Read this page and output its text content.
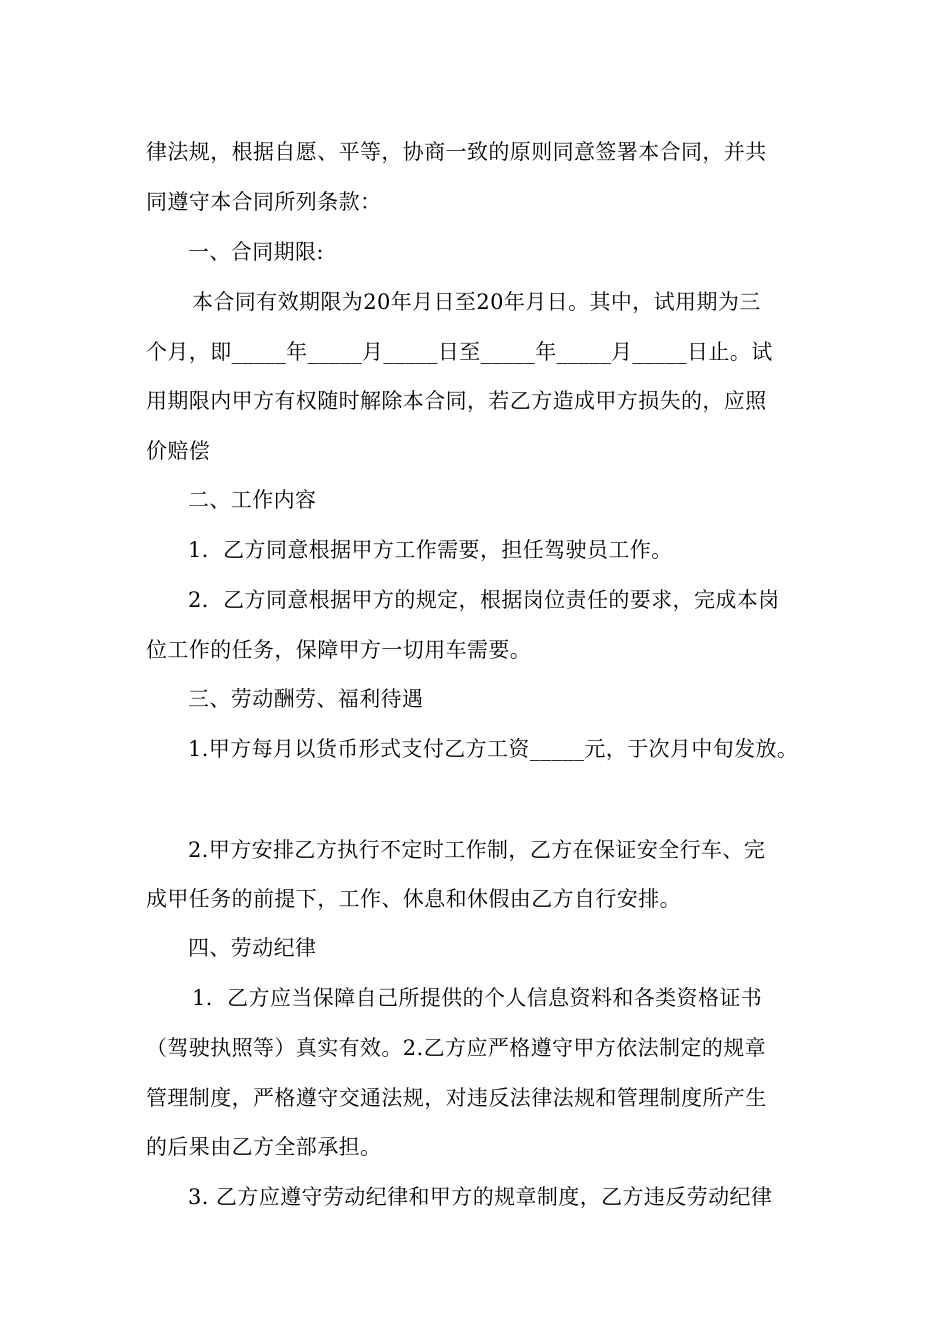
律法规，根据自愿、平等，协商一致的原则同意签署本合同，并共
同遵守本合同所列条款：
一、合同期限:
本合同有效期限为20年月日至20年月日。其中，试用期为三
个月，即_____年_____月_____日至_____年_____月_____日止。试
用期限内甲方有权随时解除本合同，若乙方造成甲方损失的，应照
价赔偿
二、工作内容
1．乙方同意根据甲方工作需要，担任驾驶员工作。
2．乙方同意根据甲方的规定，根据岗位责任的要求，完成本岗
位工作的任务，保障甲方一切用车需要。
三、劳动酬劳、福利待遇
1.甲方每月以货币形式支付乙方工资_____元，于次月中旬发放。
2.甲方安排乙方执行不定时工作制，乙方在保证安全行车、完
成甲任务的前提下，工作、休息和休假由乙方自行安排。
四、劳动纪律
1．乙方应当保障自己所提供的个人信息资料和各类资格证书
（驾驶执照等）真实有效。2.乙方应严格遵守甲方依法制定的规章
管理制度，严格遵守交通法规，对违反法律法规和管理制度所产生
的后果由乙方全部承担。
3. 乙方应遵守劳动纪律和甲方的规章制度，乙方违反劳动纪律
